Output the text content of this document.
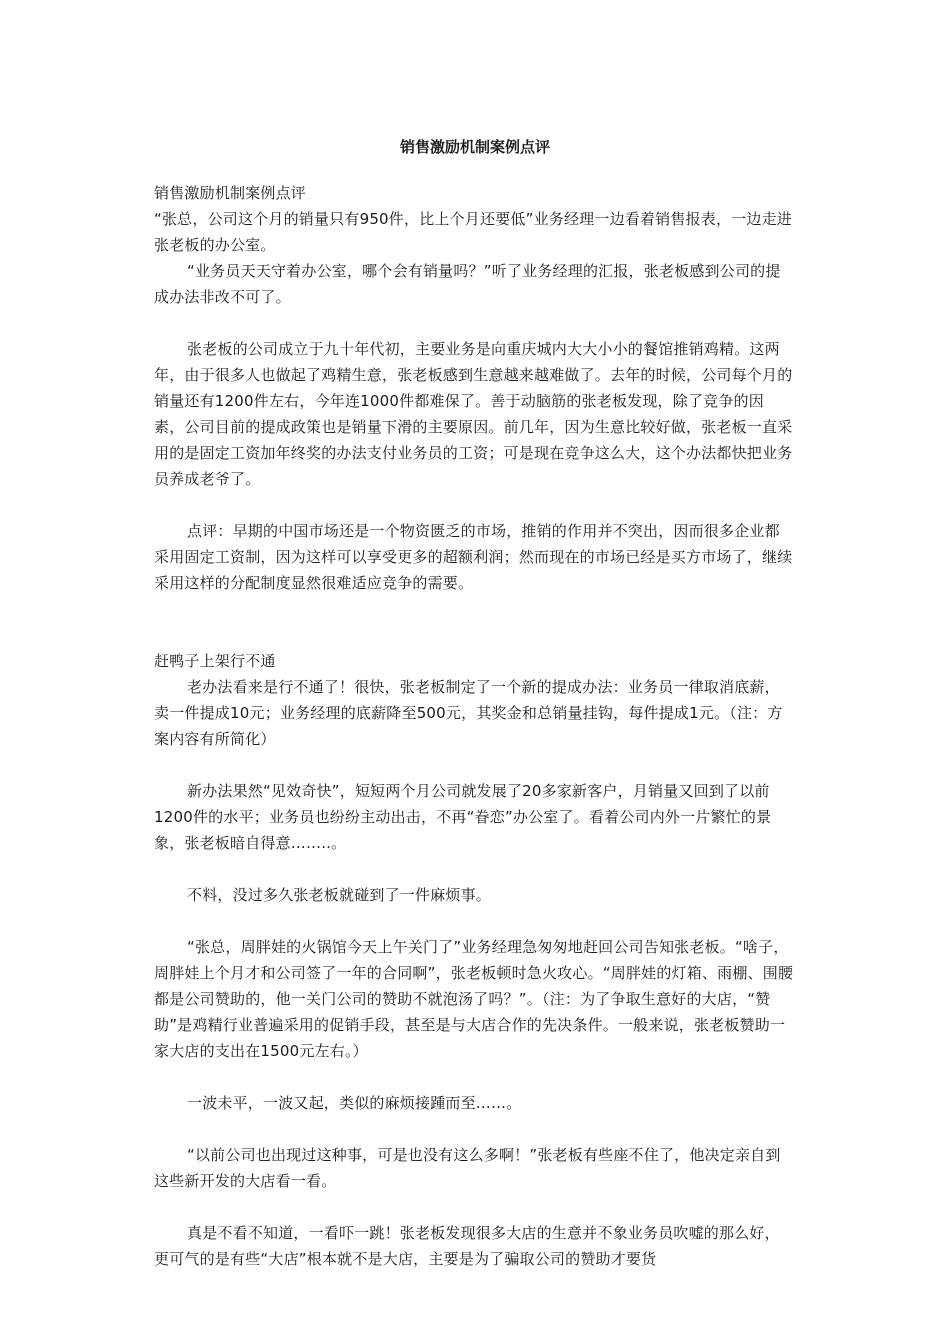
销售激励机制案例点评

销售激励机制案例点评

“张总，公司这个月的销量只有950件，比上个月还要低”业务经理一边看着销售报表，一边走进张老板的办公室。

“业务员天天守着办公室，哪个会有销量吗？”听了业务经理的汇报，张老板感到公司的提成办法非改不可了。

张老板的公司成立于九十年代初，主要业务是向重庆城内大大小小的餐馆推销鸡精。这两年，由于很多人也做起了鸡精生意，张老板感到生意越来越难做了。去年的时候，公司每个月的销量还有1200件左右，今年连1000件都难保了。善于动脑筋的张老板发现，除了竞争的因素，公司目前的提成政策也是销量下滑的主要原因。前几年，因为生意比较好做，张老板一直采用的是固定工资加年终奖的办法支付业务员的工资；可是现在竞争这么大，这个办法都快把业务员养成老爷了。

点评：早期的中国市场还是一个物资匮乏的市场，推销的作用并不突出，因而很多企业都采用固定工资制，因为这样可以享受更多的超额利润；然而现在的市场已经是买方市场了，继续采用这样的分配制度显然很难适应竞争的需要。

赶鸭子上架行不通

老办法看来是行不通了！很快，张老板制定了一个新的提成办法：业务员一律取消底薪，卖一件提成10元；业务经理的底薪降至500元，其奖金和总销量挂钩，每件提成1元。（注：方案内容有所简化）

新办法果然“见效奇快”，短短两个月公司就发展了20多家新客户，月销量又回到了以前1200件的水平；业务员也纷纷主动出击，不再“眷恋”办公室了。看着公司内外一片繁忙的景象，张老板暗自得意……..。

不料，没过多久张老板就碰到了一件麻烦事。

“张总，周胖娃的火锅馆今天上午关门了”业务经理急匆匆地赶回公司告知张老板。“啥子，周胖娃上个月才和公司签了一年的合同啊”，张老板顿时急火攻心。“周胖娃的灯箱、雨棚、围腰都是公司赞助的，他一关门公司的赞助不就泡汤了吗？”。（注：为了争取生意好的大店，“赞助”是鸡精行业普遍采用的促销手段，甚至是与大店合作的先决条件。一般来说，张老板赞助一家大店的支出在1500元左右。）

一波未平，一波又起，类似的麻烦接踵而至……。

“以前公司也出现过这种事，可是也没有这么多啊！”张老板有些座不住了，他决定亲自到这些新开发的大店看一看。

真是不看不知道，一看吓一跳！张老板发现很多大店的生意并不象业务员吹嘘的那么好，更可气的是有些“大店”根本就不是大店，主要是为了骗取公司的赞助才要货
